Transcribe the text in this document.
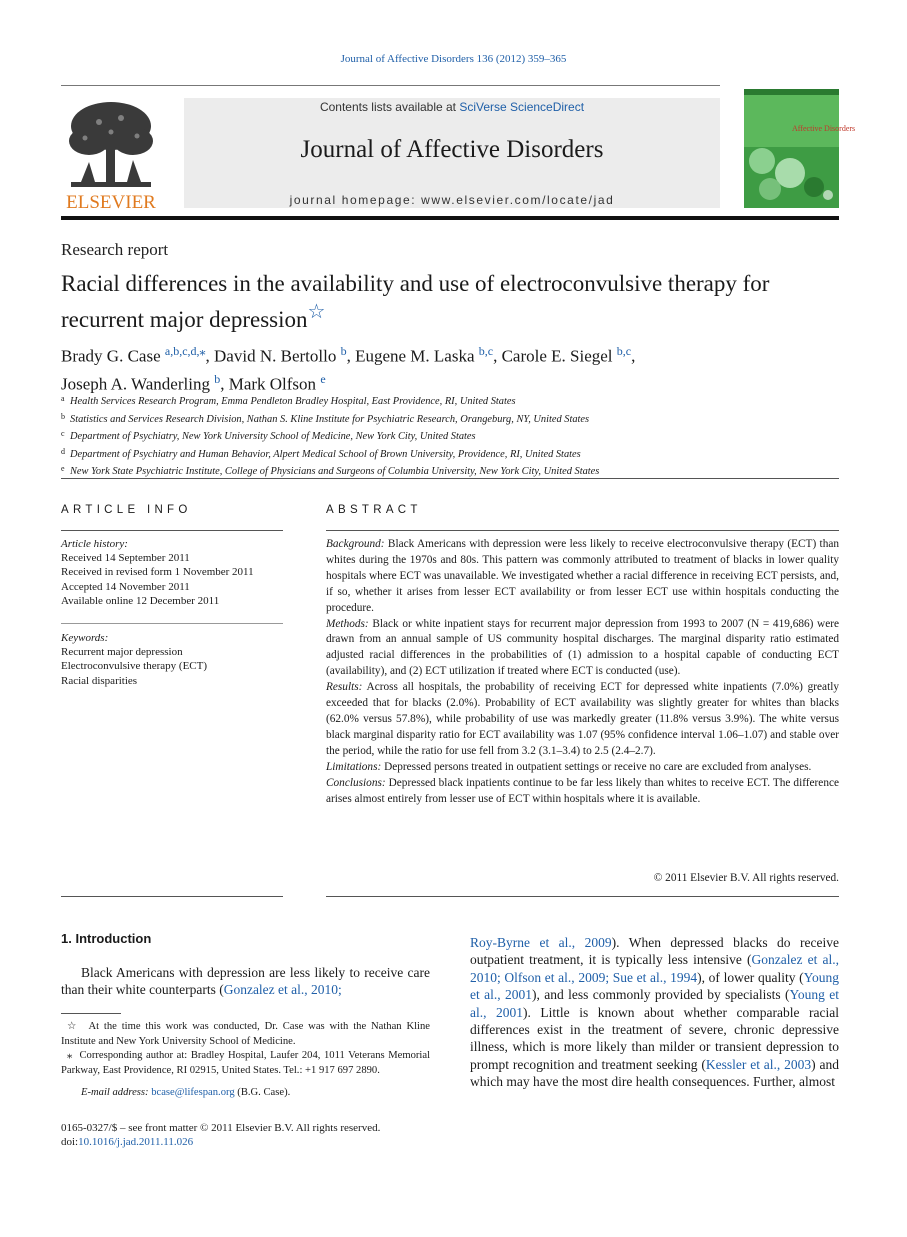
Journal of Affective Disorders 136 (2012) 359–365
ELSEVIER
Contents lists available at SciVerse ScienceDirect
Journal of Affective Disorders
journal homepage: www.elsevier.com/locate/jad
Affective Disorders
Research report
Racial differences in the availability and use of electroconvulsive therapy for
recurrent major depression☆
Brady G. Case $^{a,b,c,d,⁎}$, David N. Bertollo $^b$, Eugene M. Laska $^{b,c}$, Carole E. Siegel $^{b,c}$,
Joseph A. Wanderling $^b$, Mark Olfson $^e$
a Health Services Research Program, Emma Pendleton Bradley Hospital, East Providence, RI, United States
b Statistics and Services Research Division, Nathan S. Kline Institute for Psychiatric Research, Orangeburg, NY, United States
c Department of Psychiatry, New York University School of Medicine, New York City, United States
d Department of Psychiatry and Human Behavior, Alpert Medical School of Brown University, Providence, RI, United States
e New York State Psychiatric Institute, College of Physicians and Surgeons of Columbia University, New York City, United States
ARTICLE INFO
Article history:
Received 14 September 2011
Received in revised form 1 November 2011
Accepted 14 November 2011
Available online 12 December 2011
Keywords:
Recurrent major depression
Electroconvulsive therapy (ECT)
Racial disparities
ABSTRACT

Background: Black Americans with depression were less likely to receive electroconvulsive therapy (ECT) than whites during the 1970s and 80s. This pattern was commonly attributed to treatment of blacks in lower quality hospitals where ECT was unavailable. We investigated whether a racial difference in receiving ECT persists, and, if so, whether it arises from lesser ECT availability or from lesser ECT use within hospitals conducting the procedure.

Methods: Black or white inpatient stays for recurrent major depression from 1993 to 2007 (N = 419,686) were drawn from an annual sample of US community hospital discharges. The marginal disparity ratio estimated adjusted racial differences in the probabilities of (1) admission to a hospital capable of conducting ECT (availability), and (2) ECT utilization if treated where ECT is conducted (use).

Results: Across all hospitals, the probability of receiving ECT for depressed white inpatients (7.0%) greatly exceeded that for blacks (2.0%). Probability of ECT availability was slightly greater for whites than blacks (62.0% versus 57.8%), while probability of use was markedly greater (11.8% versus 3.9%). The white versus black marginal disparity ratio for ECT availability was 1.07 (95% confidence interval 1.06–1.07) and stable over the period, while the ratio for use fell from 3.2 (3.1–3.4) to 2.5 (2.4–2.7).

Limitations: Depressed persons treated in outpatient settings or receive no care are excluded from analyses.

Conclusions: Depressed black inpatients continue to be far less likely than whites to receive ECT. The difference arises almost entirely from lesser use of ECT within hospitals where it is available.

© 2011 Elsevier B.V. All rights reserved.
1. Introduction
Black Americans with depression are less likely to receive care than their white counterparts (Gonzalez et al., 2010;

☆ At the time this work was conducted, Dr. Case was with the Nathan Kline Institute and New York University School of Medicine.

⁎ Corresponding author at: Bradley Hospital, Laufer 204, 1011 Veterans Memorial Parkway, East Providence, RI 02915, United States. Tel.: +1 917 697 2890.

E-mail address: bcase@lifespan.org (B.G. Case).

0165-0327/$ – see front matter © 2011 Elsevier B.V. All rights reserved.
doi:10.1016/j.jad.2011.11.026
Roy-Byrne et al., 2009). When depressed blacks do receive outpatient treatment, it is typically less intensive (Gonzalez et al., 2010; Olfson et al., 2009; Sue et al., 1994), of lower quality (Young et al., 2001), and less commonly provided by specialists (Young et al., 2001). Little is known about whether comparable racial differences exist in the treatment of severe, chronic depressive illness, which is more likely than milder or transient depression to prompt recognition and treatment seeking (Kessler et al., 2003) and which may have the most dire health consequences. Further, almost
